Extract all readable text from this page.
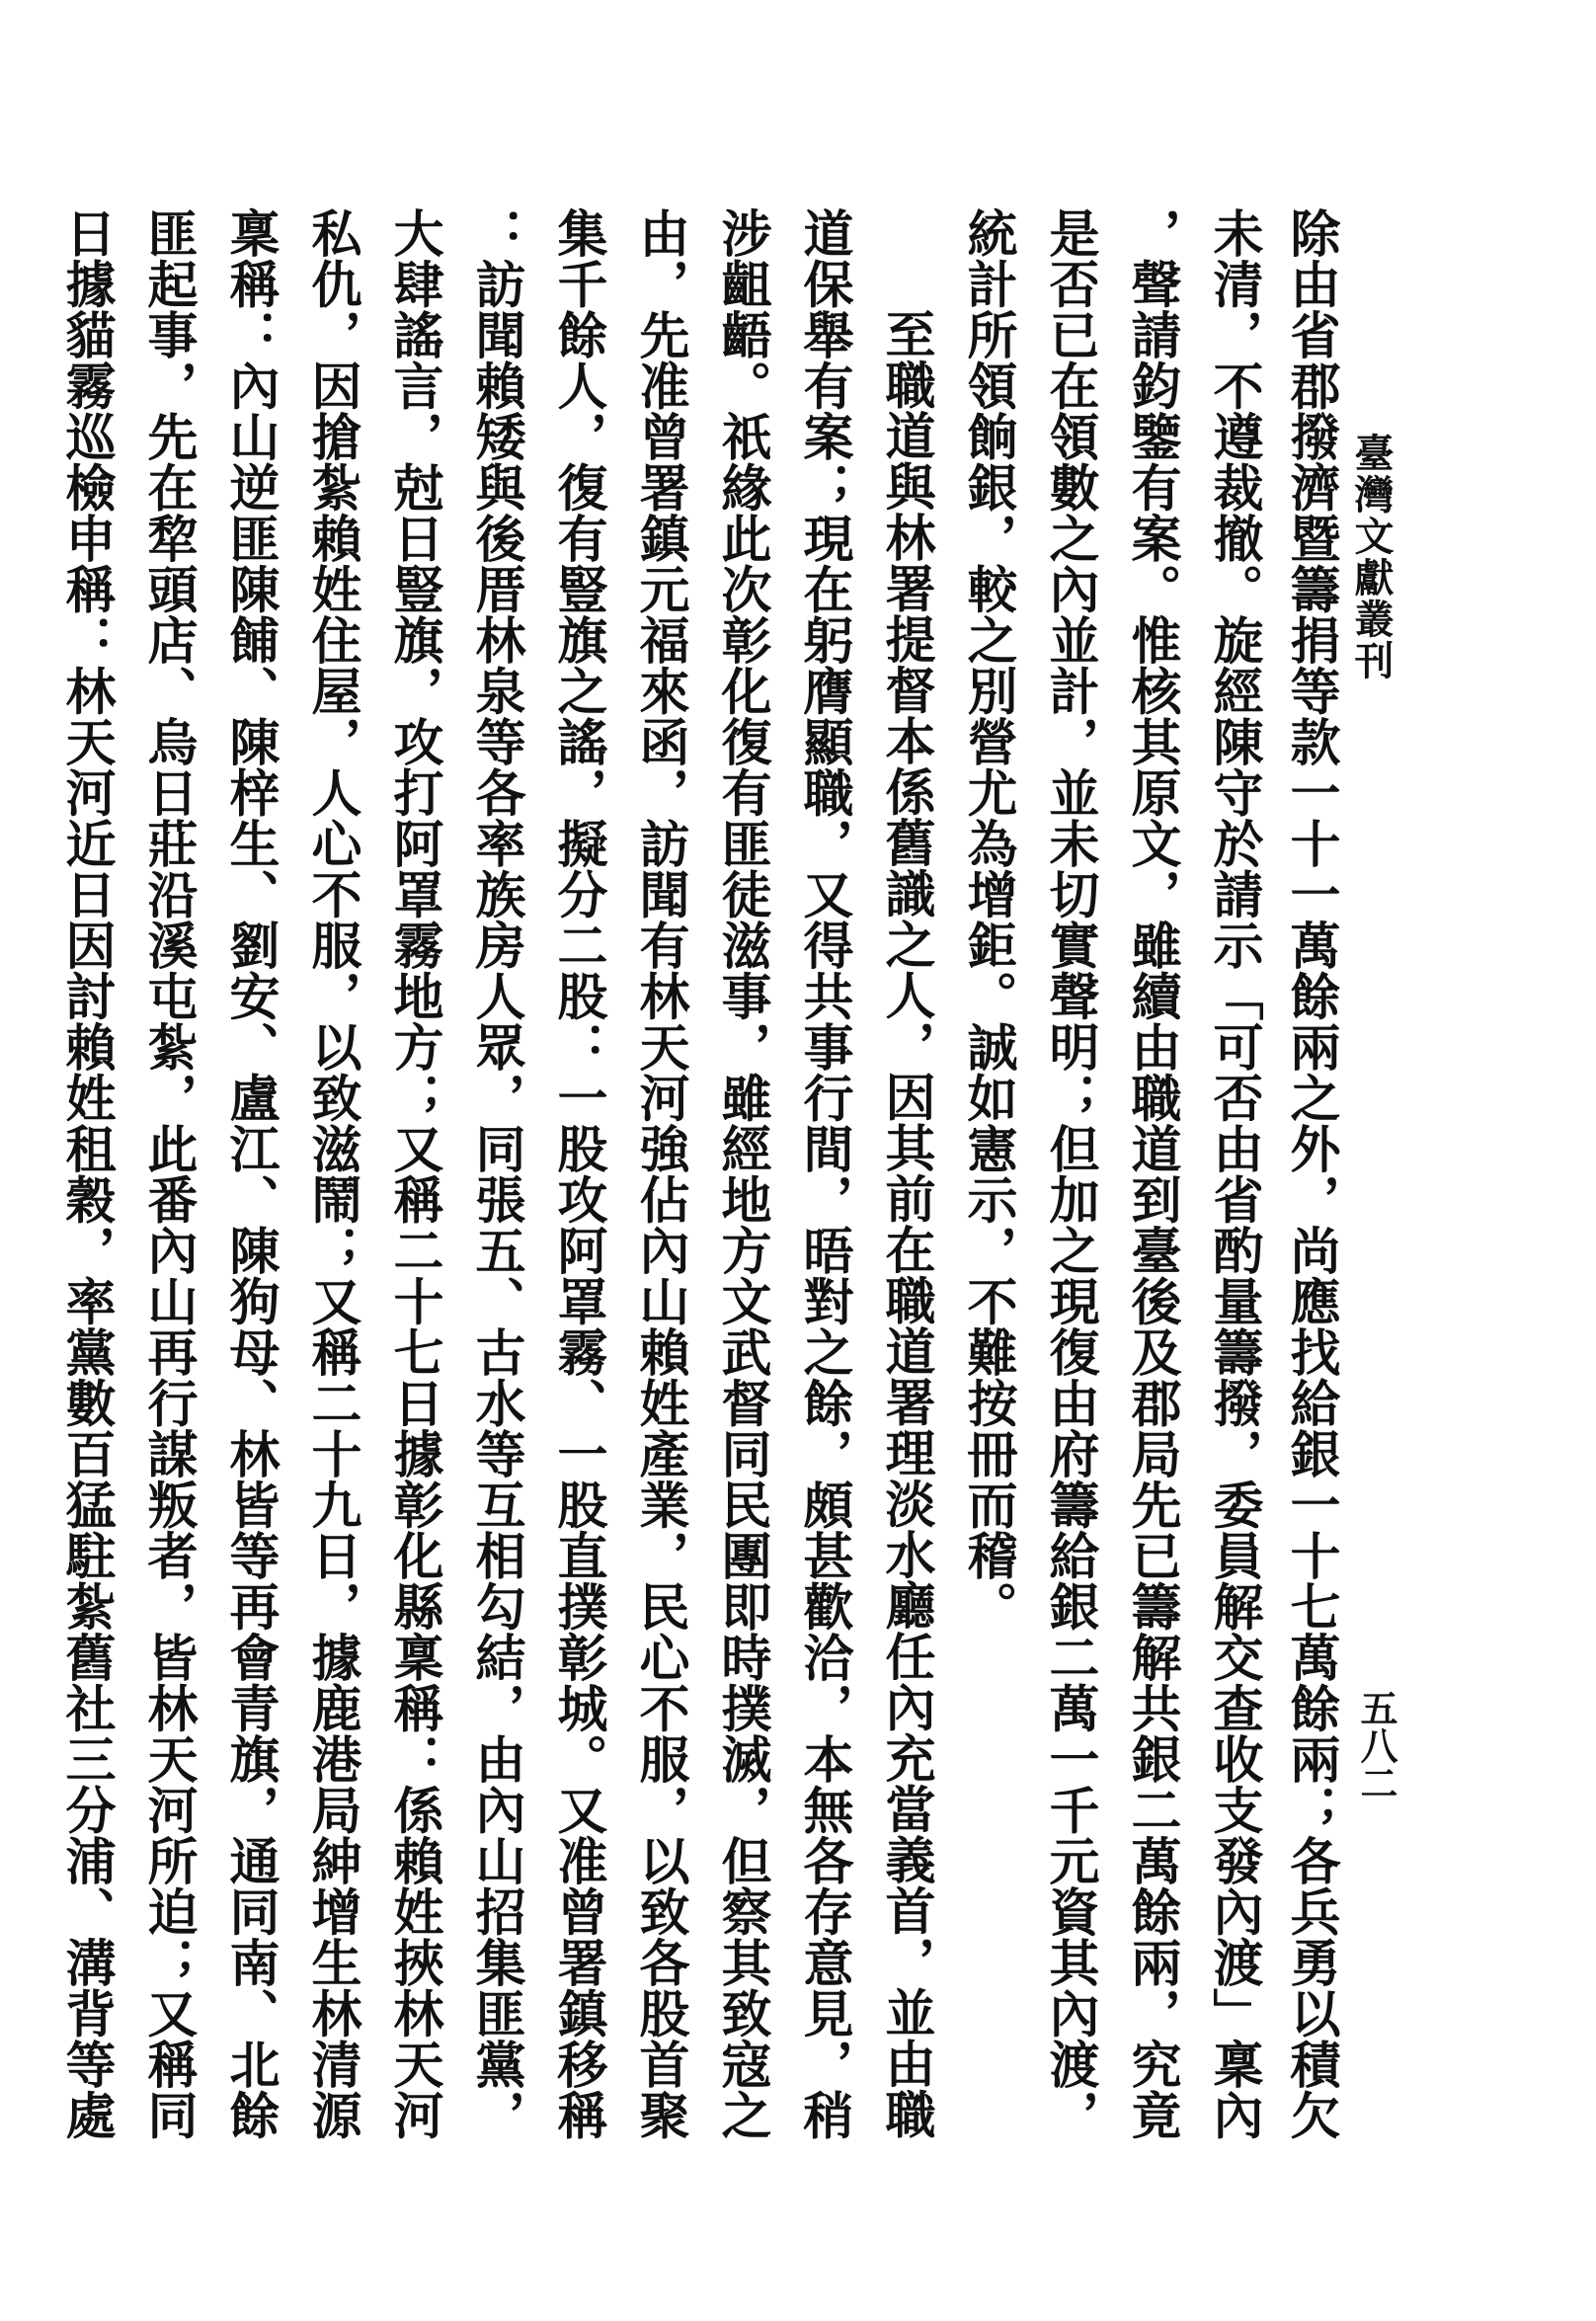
臺灣文獻叢刊
五八二
除由省郡撥濟暨籌捐等款一十一萬餘兩之外，尚應找給銀一十七萬餘兩；各兵勇以積欠
未清，不遵裁撤。旋經陳守於請示「可否由省酌量籌撥，委員解交查收支發內渡」稟內
，聲請鈞鑒有案。惟核其原文，雖續由職道到臺後及郡局先已籌解共銀二萬餘兩，究竟
是否已在領數之內並計，並未切實聲明；但加之現復由府籌給銀二萬一千元資其內渡，
統計所領餉銀，較之別營尤為增鉅。誠如憲示，不難按冊而稽。
至職道與林署提督本係舊識之人，因其前在職道署理淡水廳任內充當義首，並由職
道保舉有案；現在躬膺顯職，又得共事行間，晤對之餘，頗甚歡洽，本無各存意見，稍
涉齟齬。祇緣此次彰化復有匪徒滋事，雖經地方文武督同民團即時撲滅，但察其致寇之
由，先准曾署鎮元福來函，訪聞有林天河強佔內山賴姓產業，民心不服，以致各股首聚
集千餘人，復有豎旗之謠，擬分二股：一股攻阿罩霧、一股直撲彰城。又准曾署鎮移稱
：訪聞賴矮與後厝林泉等各率族房人眾，同張五、古水等互相勾結，由內山招集匪黨，
大肆謠言，尅日豎旗，攻打阿罩霧地方；又稱二十七日據彰化縣稟稱：係賴姓挾林天河
私仇，因搶紮賴姓住屋，人心不服，以致滋鬧；又稱二十九日，據鹿港局紳增生林清源
稟稱：內山逆匪陳餔、陳梓生、劉安、盧江、陳狗母、林皆等再會青旗，通同南、北餘
匪起事，先在犂頭店、烏日莊沿溪屯紮，此番內山再行謀叛者，皆林天河所迫；又稱同
日據貓霧巡檢申稱：林天河近日因討賴姓租穀，率黨數百猛駐紮舊社三分浦、溝背等處
